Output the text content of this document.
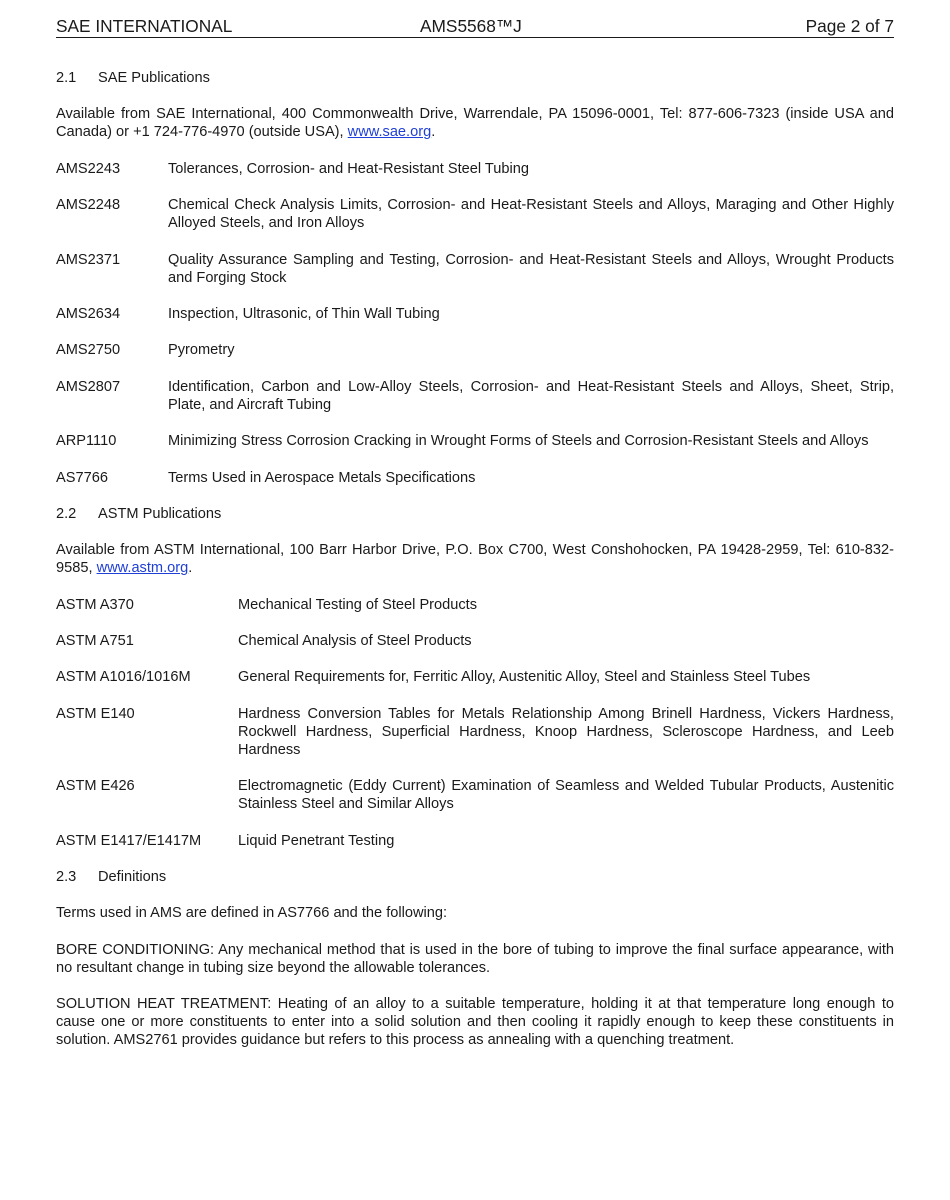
SAE INTERNATIONAL	AMS5568™J	Page 2 of 7
2.1 SAE Publications

Available from SAE International, 400 Commonwealth Drive, Warrendale, PA 15096-0001, Tel: 877-606-7323 (inside USA and Canada) or +1 724-776-4970 (outside USA), www.sae.org.

AMS2243	Tolerances, Corrosion- and Heat-Resistant Steel Tubing
AMS2248	Chemical Check Analysis Limits, Corrosion- and Heat-Resistant Steels and Alloys, Maraging and Other Highly Alloyed Steels, and Iron Alloys
AMS2371	Quality Assurance Sampling and Testing, Corrosion- and Heat-Resistant Steels and Alloys, Wrought Products and Forging Stock
AMS2634	Inspection, Ultrasonic, of Thin Wall Tubing
AMS2750	Pyrometry
AMS2807	Identification, Carbon and Low-Alloy Steels, Corrosion- and Heat-Resistant Steels and Alloys, Sheet, Strip, Plate, and Aircraft Tubing
ARP1110	Minimizing Stress Corrosion Cracking in Wrought Forms of Steels and Corrosion-Resistant Steels and Alloys
AS7766	Terms Used in Aerospace Metals Specifications
2.2 ASTM Publications

Available from ASTM International, 100 Barr Harbor Drive, P.O. Box C700, West Conshohocken, PA 19428-2959, Tel: 610-832-9585, www.astm.org.

ASTM A370	Mechanical Testing of Steel Products
ASTM A751	Chemical Analysis of Steel Products
ASTM A1016/1016M	General Requirements for, Ferritic Alloy, Austenitic Alloy, Steel and Stainless Steel Tubes
ASTM E140	Hardness Conversion Tables for Metals Relationship Among Brinell Hardness, Vickers Hardness, Rockwell Hardness, Superficial Hardness, Knoop Hardness, Scleroscope Hardness, and Leeb Hardness
ASTM E426	Electromagnetic (Eddy Current) Examination of Seamless and Welded Tubular Products, Austenitic Stainless Steel and Similar Alloys
ASTM E1417/E1417M	Liquid Penetrant Testing
2.3 Definitions

Terms used in AMS are defined in AS7766 and the following:

BORE CONDITIONING: Any mechanical method that is used in the bore of tubing to improve the final surface appearance, with no resultant change in tubing size beyond the allowable tolerances.

SOLUTION HEAT TREATMENT: Heating of an alloy to a suitable temperature, holding it at that temperature long enough to cause one or more constituents to enter into a solid solution and then cooling it rapidly enough to keep these constituents in solution. AMS2761 provides guidance but refers to this process as annealing with a quenching treatment.
